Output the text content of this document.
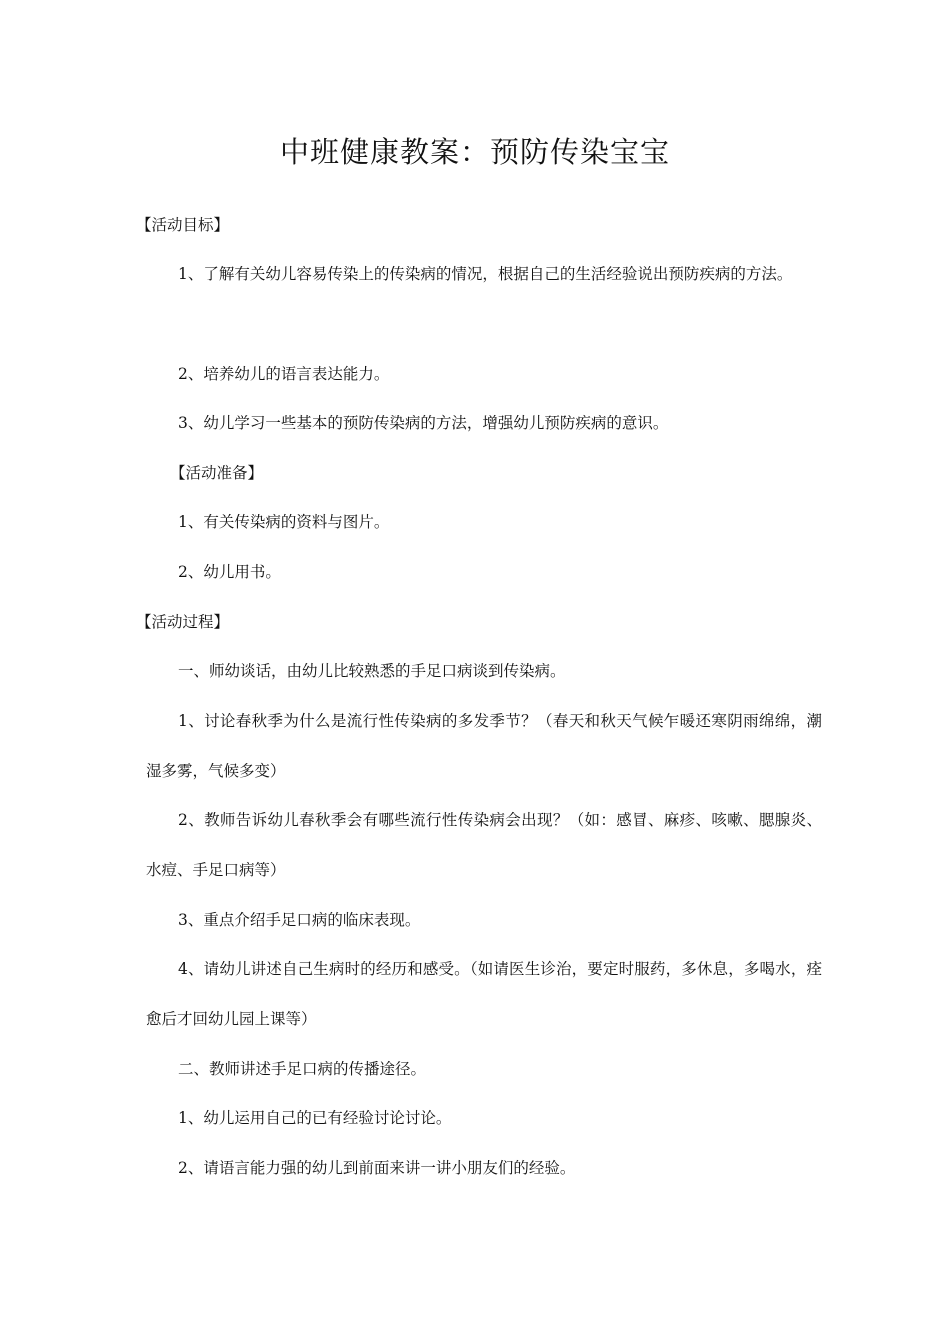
中班健康教案：预防传染宝宝

【活动目标】

1、了解有关幼儿容易传染上的传染病的情况，根据自己的生活经验说出预防疾病的方法。

2、培养幼儿的语言表达能力。

3、幼儿学习一些基本的预防传染病的方法，增强幼儿预防疾病的意识。

【活动准备】

1、有关传染病的资料与图片。

2、幼儿用书。

【活动过程】

一、师幼谈话，由幼儿比较熟悉的手足口病谈到传染病。

1、讨论春秋季为什么是流行性传染病的多发季节？（春天和秋天气候乍暖还寒阴雨绵绵，潮湿多雾，气候多变）

2、教师告诉幼儿春秋季会有哪些流行性传染病会出现？（如：感冒、麻疹、咳嗽、腮腺炎、水痘、手足口病等）

3、重点介绍手足口病的临床表现。

4、请幼儿讲述自己生病时的经历和感受。（如请医生诊治，要定时服药，多休息，多喝水，痊愈后才回幼儿园上课等）

二、教师讲述手足口病的传播途径。

1、幼儿运用自己的已有经验讨论讨论。

2、请语言能力强的幼儿到前面来讲一讲小朋友们的经验。
